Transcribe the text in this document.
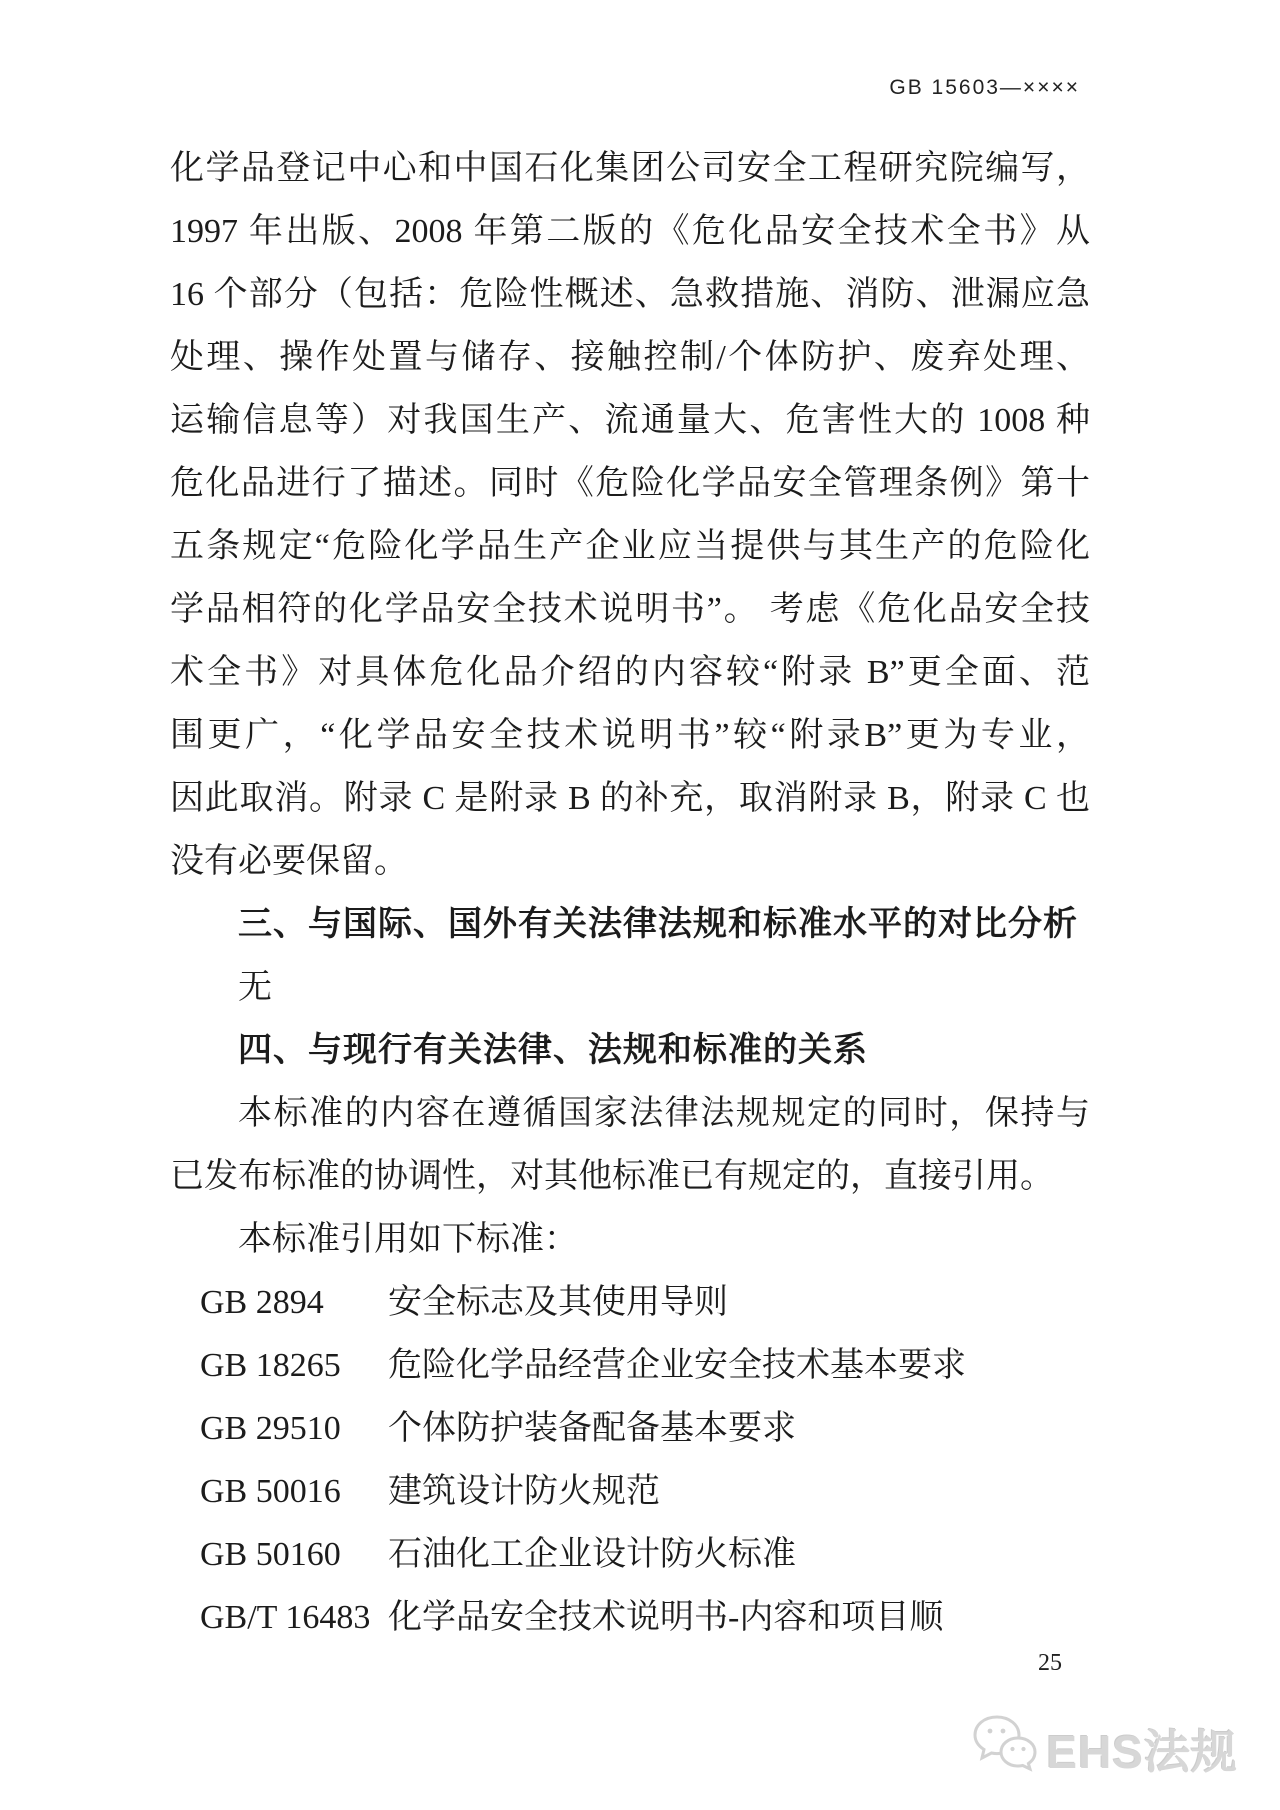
GB 15603—××××
化学品登记中心和中国石化集团公司安全工程研究院编写，
1997 年出版、2008 年第二版的《危化品安全技术全书》从
16 个部分（包括：危险性概述、急救措施、消防、泄漏应急
处理、操作处置与储存、接触控制/个体防护、废弃处理、
运输信息等）对我国生产、流通量大、危害性大的 1008 种
危化品进行了描述。同时《危险化学品安全管理条例》第十
五条规定“危险化学品生产企业应当提供与其生产的危险化
学品相符的化学品安全技术说明书”。 考虑《危化品安全技
术全书》对具体危化品介绍的内容较“附录 B”更全面、范
围更广，“化学品安全技术说明书”较“附录B”更为专业，
因此取消。附录 C 是附录 B 的补充，取消附录 B，附录 C 也
没有必要保留。
三、与国际、国外有关法律法规和标准水平的对比分析
无
四、与现行有关法律、法规和标准的关系
本标准的内容在遵循国家法律法规规定的同时，保持与
已发布标准的协调性，对其他标准已有规定的，直接引用。
本标准引用如下标准：
GB 2894	安全标志及其使用导则
GB 18265	危险化学品经营企业安全技术基本要求
GB 29510	个体防护装备配备基本要求
GB 50016	建筑设计防火规范
GB 50160	石油化工企业设计防火标准
GB/T 16483 化学品安全技术说明书-内容和项目顺
25
EHS法规
